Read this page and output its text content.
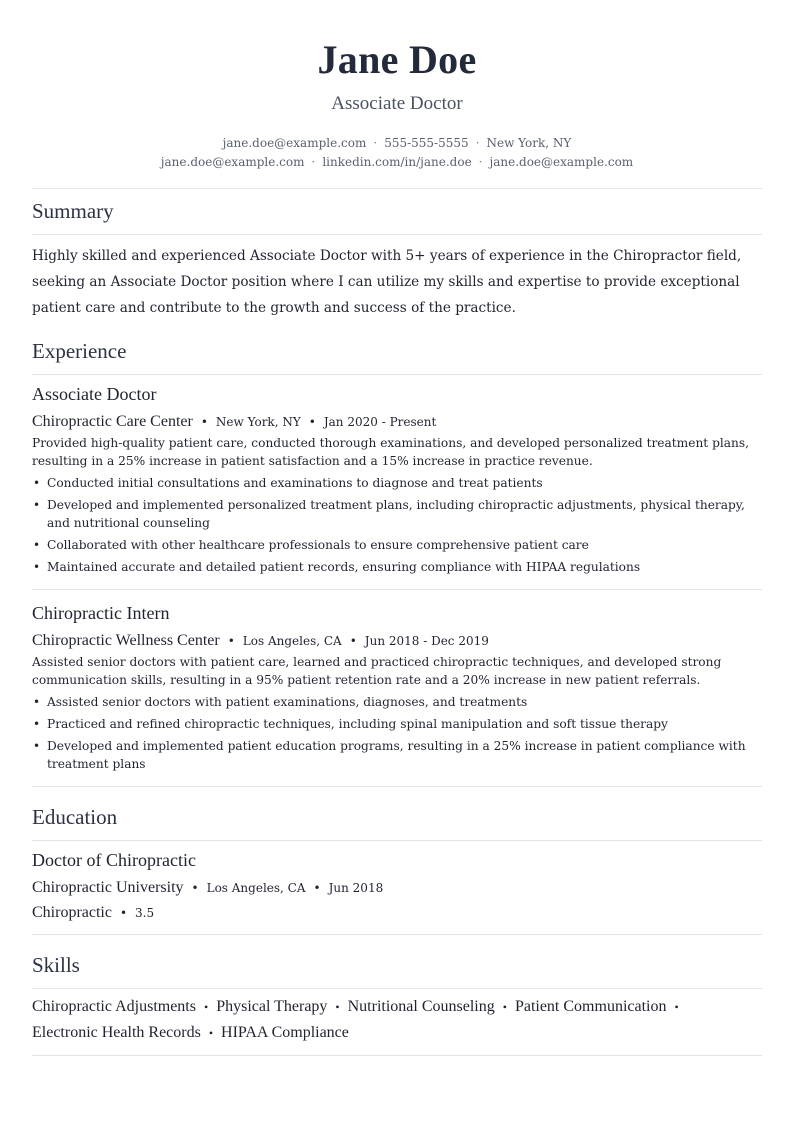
Jane Doe
Associate Doctor
jane.doe@example.com · 555-555-5555 · New York, NY
jane.doe@example.com · linkedin.com/in/jane.doe · jane.doe@example.com
Summary
Highly skilled and experienced Associate Doctor with 5+ years of experience in the Chiropractor field, seeking an Associate Doctor position where I can utilize my skills and expertise to provide exceptional patient care and contribute to the growth and success of the practice.
Experience
Associate Doctor
Chiropractic Care Center • New York, NY • Jan 2020 - Present
Provided high-quality patient care, conducted thorough examinations, and developed personalized treatment plans, resulting in a 25% increase in patient satisfaction and a 15% increase in practice revenue.
• Conducted initial consultations and examinations to diagnose and treat patients
• Developed and implemented personalized treatment plans, including chiropractic adjustments, physical therapy, and nutritional counseling
• Collaborated with other healthcare professionals to ensure comprehensive patient care
• Maintained accurate and detailed patient records, ensuring compliance with HIPAA regulations
Chiropractic Intern
Chiropractic Wellness Center • Los Angeles, CA • Jun 2018 - Dec 2019
Assisted senior doctors with patient care, learned and practiced chiropractic techniques, and developed strong communication skills, resulting in a 95% patient retention rate and a 20% increase in new patient referrals.
• Assisted senior doctors with patient examinations, diagnoses, and treatments
• Practiced and refined chiropractic techniques, including spinal manipulation and soft tissue therapy
• Developed and implemented patient education programs, resulting in a 25% increase in patient compliance with treatment plans
Education
Doctor of Chiropractic
Chiropractic University • Los Angeles, CA • Jun 2018
Chiropractic • 3.5
Skills
Chiropractic Adjustments • Physical Therapy • Nutritional Counseling • Patient Communication •
Electronic Health Records • HIPAA Compliance
